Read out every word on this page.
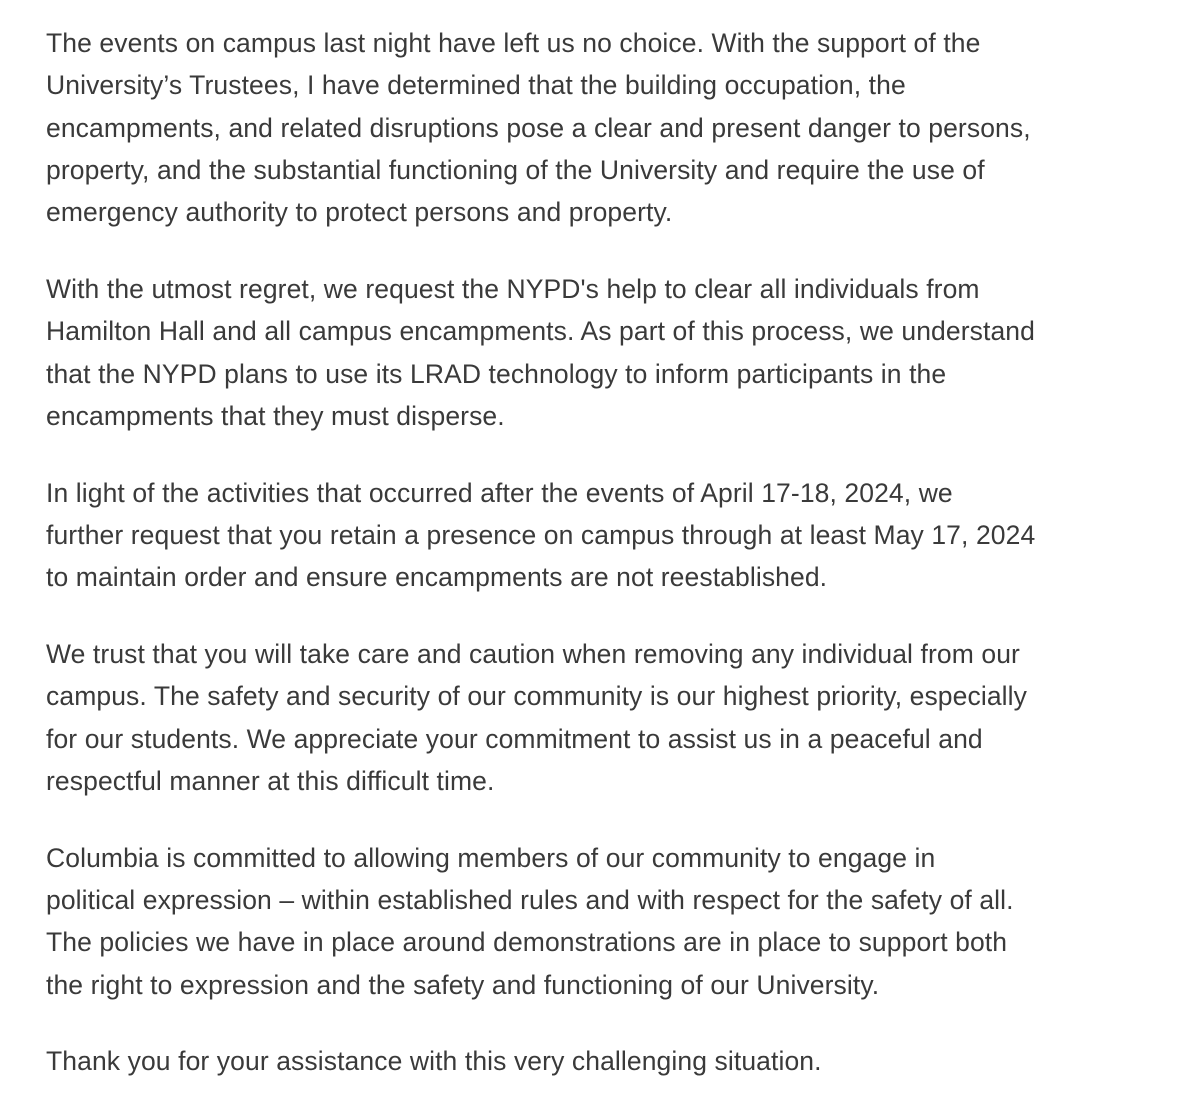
The events on campus last night have left us no choice. With the support of the
University’s Trustees, I have determined that the building occupation, the
encampments, and related disruptions pose a clear and present danger to persons,
property, and the substantial functioning of the University and require the use of
emergency authority to protect persons and property.

With the utmost regret, we request the NYPD's help to clear all individuals from
Hamilton Hall and all campus encampments. As part of this process, we understand
that the NYPD plans to use its LRAD technology to inform participants in the
encampments that they must disperse.

In light of the activities that occurred after the events of April 17-18, 2024, we
further request that you retain a presence on campus through at least May 17, 2024
to maintain order and ensure encampments are not reestablished.

We trust that you will take care and caution when removing any individual from our
campus. The safety and security of our community is our highest priority, especially
for our students. We appreciate your commitment to assist us in a peaceful and
respectful manner at this difficult time.

Columbia is committed to allowing members of our community to engage in
political expression – within established rules and with respect for the safety of all.
The policies we have in place around demonstrations are in place to support both
the right to expression and the safety and functioning of our University.

Thank you for your assistance with this very challenging situation.
